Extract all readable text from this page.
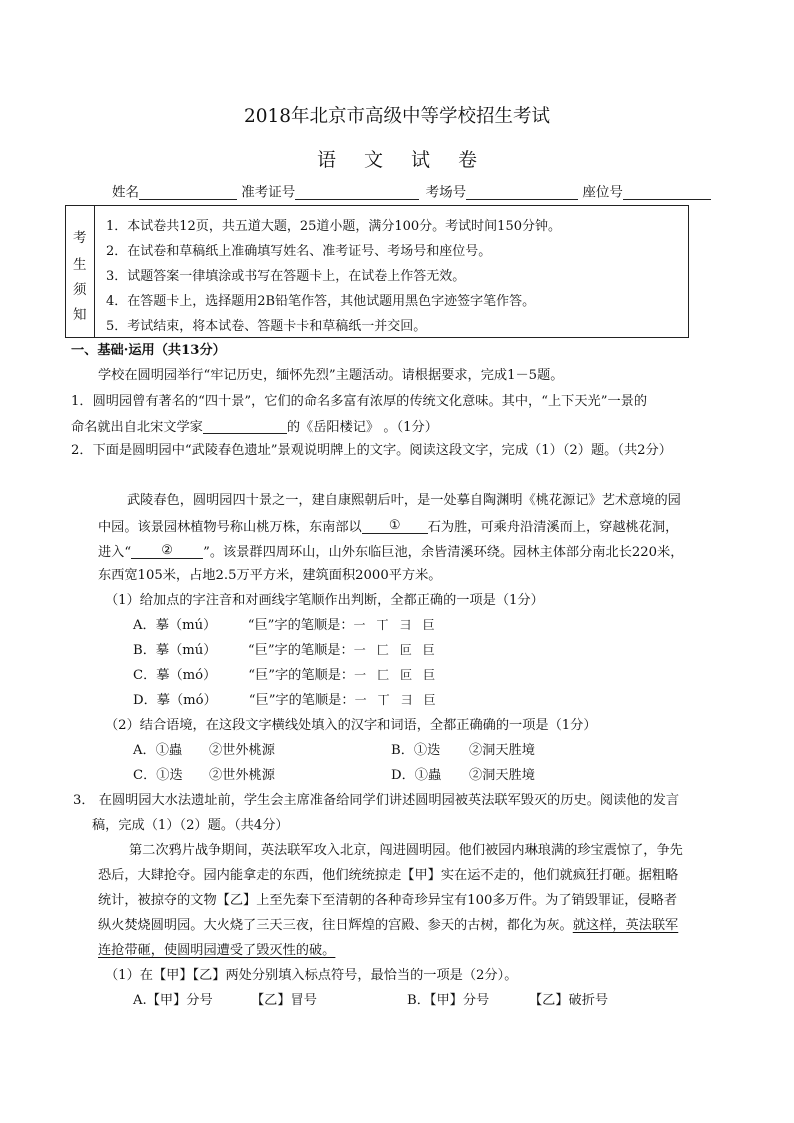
2018年北京市高级中等学校招生考试
语文试卷
姓名	准考证号	考场号	座位号
考
生
须
知
1．本试卷共12页，共五道大题，25道小题，满分100分。考试时间150分钟。
2．在试卷和草稿纸上准确填写姓名、准考证号、考场号和座位号。
3．试题答案一律填涂或书写在答题卡上，在试卷上作答无效。
4．在答题卡上，选择题用2B铅笔作答，其他试题用黑色字迹签字笔作答。
5．考试结束，将本试卷、答题卡卡和草稿纸一并交回。
一、基础·运用（共13分）
学校在圆明园举行“牢记历史，缅怀先烈”主题活动。请根据要求，完成1－5题。
1．圆明园曾有著名的“四十景”，它们的命名多富有浓厚的传统文化意味。其中，“上下天光”一景的
命名就出自北宋文学家	的《岳阳楼记》 。（1分）
2．下面是圆明园中“武陵春色遗址”景观说明牌上的文字。阅读这段文字，完成（1）（2）题。（共2分）
武陵春色，圆明园四十景之一，建自康熙朝后叶，是一处摹自陶渊明《桃花源记》艺术意境的园
中园。该景园林植物号称山桃万株，东南部以 ① 石为胜，可乘舟沿清溪而上，穿越桃花洞，
进入“ ② ”。该景群四周环山，山外东临巨池，余皆清溪环绕。园林主体部分南北长220米，
东西宽105米，占地2.5万平方米，建筑面积2000平方米。
（1）给加点的字注音和对画线字笔顺作出判断，全都正确的一项是（1分）
A．摹（mú） “巨”字的笔顺是：一 丅 彐 巨
B．摹（mú） “巨”字的笔顺是：一 匚 叵 巨
C．摹（mó） “巨”字的笔顺是：一 匚 叵 巨
D．摹（mó） “巨”字的笔顺是：一 丅 彐 巨
（2）结合语境，在这段文字横线处填入的汉字和词语，全都正确确的一项是（1分）
A．①蟲 ②世外桃源	B．①迭 ②洞天胜境
C．①迭 ②世外桃源	D．①蟲 ②洞天胜境
3． 在圆明园大水法遗址前，学生会主席准备给同学们讲述圆明园被英法联军毁灭的历史。阅读他的发言
稿，完成（1）（2）题。（共4分）
第二次鸦片战争期间，英法联军攻入北京，闯进圆明园。他们被园内琳琅满的珍宝震惊了，争先
恐后，大肆抢夺。园内能拿走的东西，他们统统掠走【甲】实在运不走的，他们就疯狂打砸。据粗略
统计，被掠夺的文物【乙】上至先秦下至清朝的各种奇珍异宝有100多万件。为了销毁罪证，侵略者
纵火焚烧圆明园。大火烧了三天三夜，往日辉煌的宫殿、参天的古树，都化为灰。就这样，英法联军
连抢带砸，使圆明园遭受了毁灭性的破。
（1）在【甲】【乙】两处分别填入标点符号，最恰当的一项是（2分）。
A.【甲】分号	【乙】冒号	B．【甲】分号	【乙】破折号
